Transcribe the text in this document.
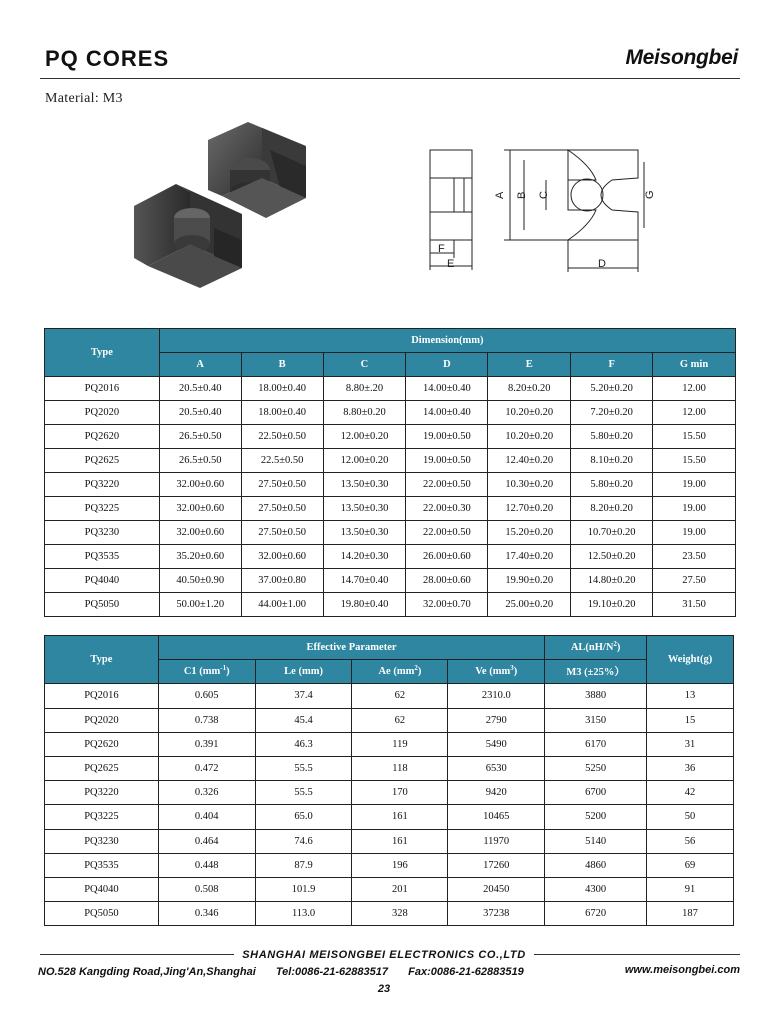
PQ CORES	Meisongbei
Material: M3
A B C
D
E
F
G
Type	Dimension(mm)						
	A	B	C	D	E	F	G min
PQ2016	20.5±0.40	18.00±0.40	8.80±.20	14.00±0.40	8.20±0.20	5.20±0.20	12.00
PQ2020	20.5±0.40	18.00±0.40	8.80±0.20	14.00±0.40	10.20±0.20	7.20±0.20	12.00
PQ2620	26.5±0.50	22.50±0.50	12.00±0.20	19.00±0.50	10.20±0.20	5.80±0.20	15.50
PQ2625	26.5±0.50	22.5±0.50	12.00±0.20	19.00±0.50	12.40±0.20	8.10±0.20	15.50
PQ3220	32.00±0.60	27.50±0.50	13.50±0.30	22.00±0.50	10.30±0.20	5.80±0.20	19.00
PQ3225	32.00±0.60	27.50±0.50	13.50±0.30	22.00±0.30	12.70±0.20	8.20±0.20	19.00
PQ3230	32.00±0.60	27.50±0.50	13.50±0.30	22.00±0.50	15.20±0.20	10.70±0.20	19.00
PQ3535	35.20±0.60	32.00±0.60	14.20±0.30	26.00±0.60	17.40±0.20	12.50±0.20	23.50
PQ4040	40.50±0.90	37.00±0.80	14.70±0.40	28.00±0.60	19.90±0.20	14.80±0.20	27.50
PQ5050	50.00±1.20	44.00±1.00	19.80±0.40	32.00±0.70	25.00±0.20	19.10±0.20	31.50
Type	Effective Parameter				$AL(nH/N^2)$	Weight(g)
	C1 $(mm^{-1})$	Le (mm)	Ae $(mm^2)$	Ve $(mm^3)$	M3 (±25%）	
PQ2016	0.605	37.4	62	2310.0	3880	13
PQ2020	0.738	45.4	62	2790	3150	15
PQ2620	0.391	46.3	119	5490	6170	31
PQ2625	0.472	55.5	118	6530	5250	36
PQ3220	0.326	55.5	170	9420	6700	42
PQ3225	0.404	65.0	161	10465	5200	50
PQ3230	0.464	74.6	161	11970	5140	56
PQ3535	0.448	87.9	196	17260	4860	69
PQ4040	0.508	101.9	201	20450	4300	91
PQ5050	0.346	113.0	328	37238	6720	187
SHANGHAI MEISONGBEI ELECTRONICS CO.,LTD
NO.528 Kangding Road,Jing'An,Shanghai Tel:0086-21-62883517 Fax:0086-21-62883519	www.meisongbei.com
23
